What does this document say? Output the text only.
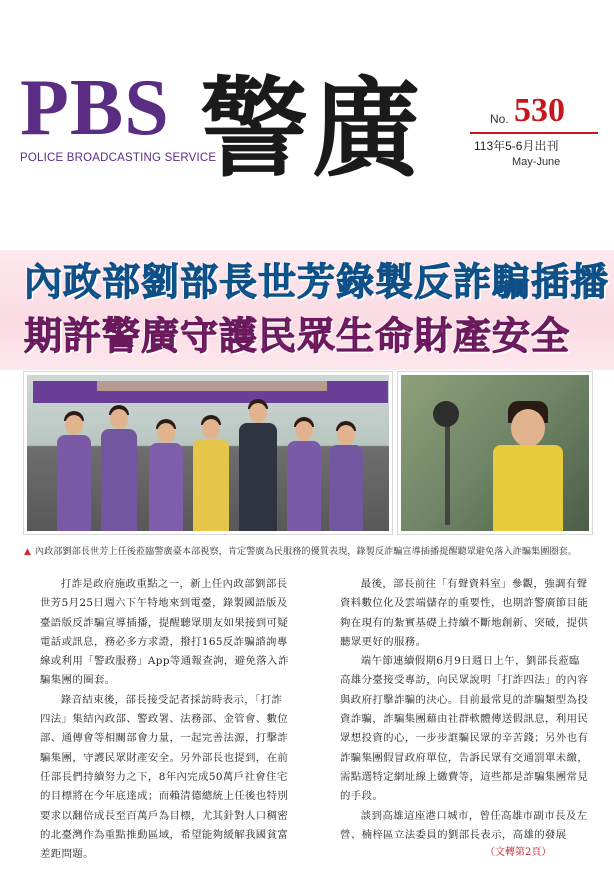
PBS
POLICE BROADCASTING SERVICE
警廣	No. 530
113年5-6月出刊
May-June
內政部劉部長世芳錄製反詐騙插播
期許警廣守護民眾生命財產安全
▲ 內政部劉部長世芳上任後蒞臨警廣臺本部視察，肯定警廣為民服務的優質表現，錄製反詐騙宣導插播提醒聽眾避免落入詐騙集團圈套。

打詐是政府施政重點之一，新上任內政部劉部長世芳5月25日週六下午特地來到電臺，錄製國語版及臺語版反詐騙宣導插播，提醒聽眾朋友如果接到可疑電話或訊息，務必多方求證，撥打165反詐騙諮詢專線或利用「警政服務」App等通報查詢，避免落入詐騙集團的圈套。

錄音結束後，部長接受記者採訪時表示，「打詐四法」集結內政部、警政署、法務部、金管會、數位部、通傳會等相關部會力量，一起完善法源，打擊詐騙集團，守護民眾財產安全。另外部長也提到，在前任部長們持續努力之下，8年內完成50萬戶社會住宅的目標將在今年底達成；而賴清德總統上任後也特別要求以翻倍成長至百萬戶為目標，尤其針對人口稠密的北臺灣作為重點推動區域，希望能夠緩解我國貧富差距問題。

最後，部長前往「有聲資料室」參觀，強調有聲資料數位化及雲端儲存的重要性，也期許警廣節目能夠在現有的紮實基礎上持續不斷地創新、突破，提供聽眾更好的服務。

端午節連續假期6月9日週日上午，劉部長蒞臨高雄分臺接受專訪，向民眾說明「打詐四法」的內容與政府打擊詐騙的決心。目前最常見的詐騙類型為投資詐騙，詐騙集團藉由社群軟體傳送假訊息，利用民眾想投資的心，一步步誆騙民眾的辛苦錢；另外也有詐騙集團假冒政府單位，告訴民眾有交通罰單未繳，需點選特定網址線上繳費等，這些都是詐騙集團常見的手段。

談到高雄這座港口城市，曾任高雄市副市長及左營、楠梓區立法委員的劉部長表示，高雄的發展

（文轉第2頁）
